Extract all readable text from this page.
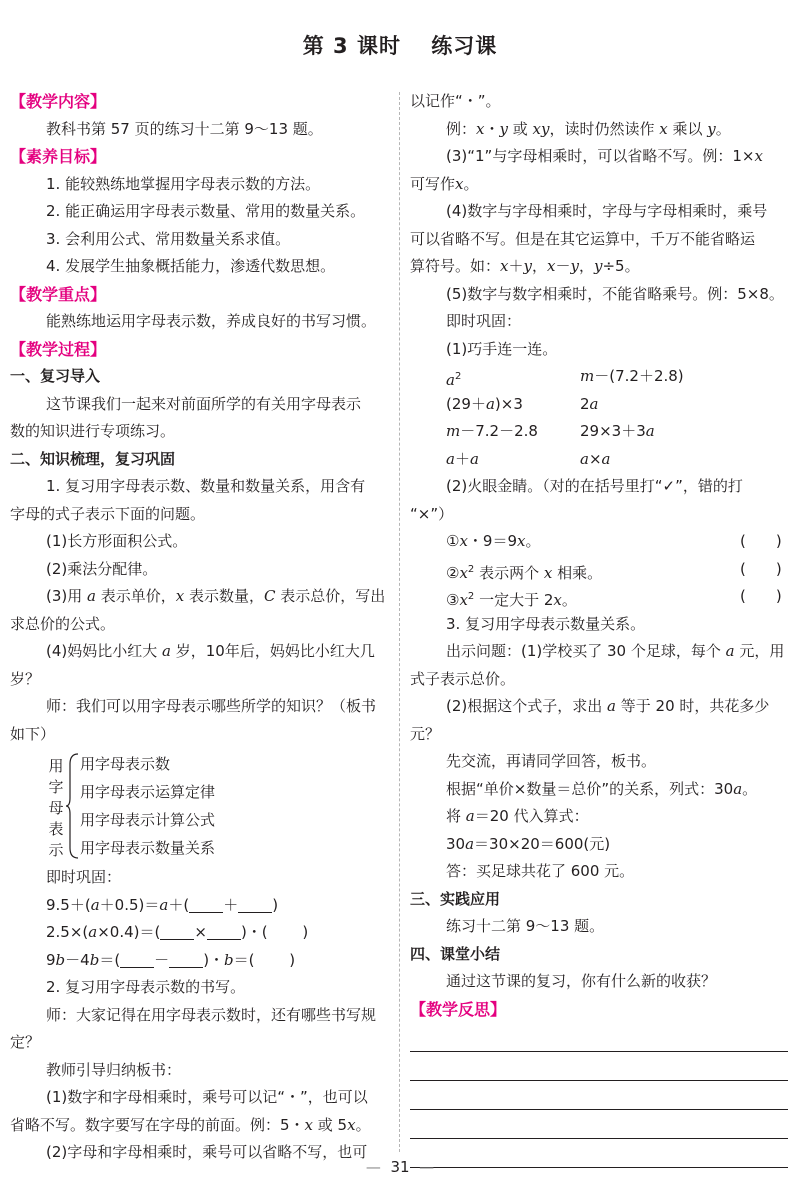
第 3 课时　 练习课
【教学内容】
教科书第 57 页的练习十二第 9～13 题。
【素养目标】
1. 能较熟练地掌握用字母表示数的方法。
2. 能正确运用字母表示数量、常用的数量关系。
3. 会利用公式、常用数量关系求值。
4. 发展学生抽象概括能力，渗透代数思想。
【教学重点】
能熟练地运用字母表示数，养成良好的书写习惯。
【教学过程】
一、复习导入
这节课我们一起来对前面所学的有关用字母表示
数的知识进行专项练习。
二、知识梳理，复习巩固
1. 复习用字母表示数、数量和数量关系，用含有
字母的式子表示下面的问题。
(1)长方形面积公式。
(2)乘法分配律。
(3)用 a 表示单价，x 表示数量，C 表示总价，写出
求总价的公式。
(4)妈妈比小红大 a 岁，10年后，妈妈比小红大几
岁？
师：我们可以用字母表示哪些所学的知识？（板书
如下）
用
字
母
表
示
用字母表示数
用字母表示运算定律
用字母表示计算公式
用字母表示数量关系
即时巩固：
9.5＋(a＋0.5)＝a＋( ＋ )
2.5×(a×0.4)＝( × )・(　　 )
9b－4b＝( － )・b＝(　　 )
2. 复习用字母表示数的书写。
师：大家记得在用字母表示数时，还有哪些书写规
定？
教师引导归纳板书：
(1)数字和字母相乘时，乘号可以记“・”，也可以
省略不写。数字要写在字母的前面。例：5・x 或 5x。
(2)字母和字母相乘时，乘号可以省略不写，也可
以记作“・”。
例：x・y 或 xy，读时仍然读作 x 乘以 y。
(3)“1”与字母相乘时，可以省略不写。例：1×x
可写作x。
(4)数字与字母相乘时，字母与字母相乘时，乘号
可以省略不写。但是在其它运算中，千万不能省略运
算符号。如：x＋y，x－y，y÷5。
(5)数字与数字相乘时，不能省略乘号。例：5×8。
即时巩固：
(1)巧手连一连。
$a^2$	m－(7.2＋2.8)
(29＋a)×3	2a
m－7.2－2.8	29×3＋3a
a＋a	a×a
(2)火眼金睛。（对的在括号里打“✓”，错的打
“×”）
①x・9＝9x。	(　　)
$②x^2$ 表示两个 x 相乘。	(　　)
$③x^2$ 一定大于 2x。	(　　)
3. 复习用字母表示数量关系。
出示问题：(1)学校买了 30 个足球，每个 a 元，用
式子表示总价。
(2)根据这个式子，求出 a 等于 20 时，共花多少
元？
先交流，再请同学回答，板书。
根据“单价×数量＝总价”的关系，列式：30a。
将 a＝20 代入算式：
30a＝30×20＝600(元)
答：买足球共花了 600 元。
三、实践应用
练习十二第 9～13 题。
四、课堂小结
通过这节课的复习，你有什么新的收获？
【教学反思】
— 31 —
